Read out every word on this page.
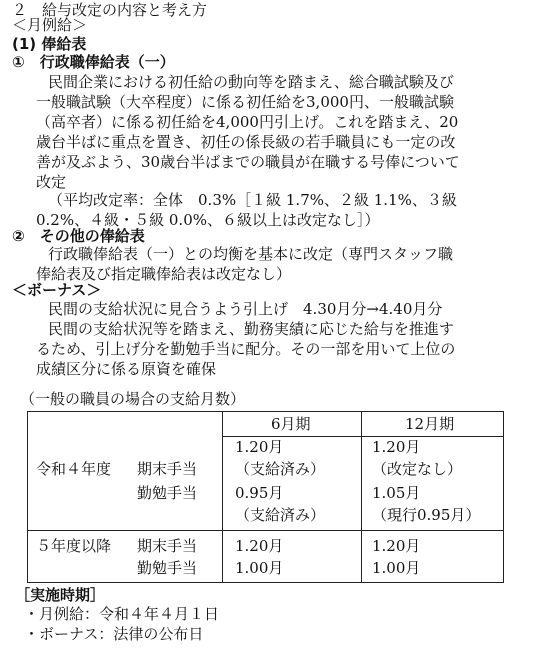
２　給与改定の内容と考え方
＜月例給＞
(1) 俸給表
①　行政職俸給表（一）
民間企業における初任給の動向等を踏まえ、総合職試験及び
一般職試験（大卒程度）に係る初任給を3,000円、一般職試験
（高卒者）に係る初任給を4,000円引上げ。これを踏まえ、20
歳台半ばに重点を置き、初任の係長級の若手職員にも一定の改
善が及ぶよう、30歳台半ばまでの職員が在職する号俸について
改定
（平均改定率：全体　0.3%［１級 1.7%、２級 1.1%、３級
0.2%、４級・５級 0.0%、６級以上は改定なし］）
②　その他の俸給表
行政職俸給表（一）との均衡を基本に改定（専門スタッフ職
俸給表及び指定職俸給表は改定なし）
＜ボーナス＞
民間の支給状況に見合うよう引上げ　4.30月分→4.40月分
民間の支給状況等を踏まえ、勤務実績に応じた給与を推進す
るため、引上げ分を勤勉手当に配分。その一部を用いて上位の
成績区分に係る原資を確保
（一般の職員の場合の支給月数）
6月期	12月期
令和４年度 期末手当
勤勉手当
1.20月
（支給済み）
0.95月
（支給済み）
1.20月
（改定なし）
1.05月
（現行0.95月）
５年度以降 期末手当
勤勉手当
1.20月
1.00月
1.20月
1.00月
［実施時期］
・月例給：令和４年４月１日
・ボーナス：法律の公布日
